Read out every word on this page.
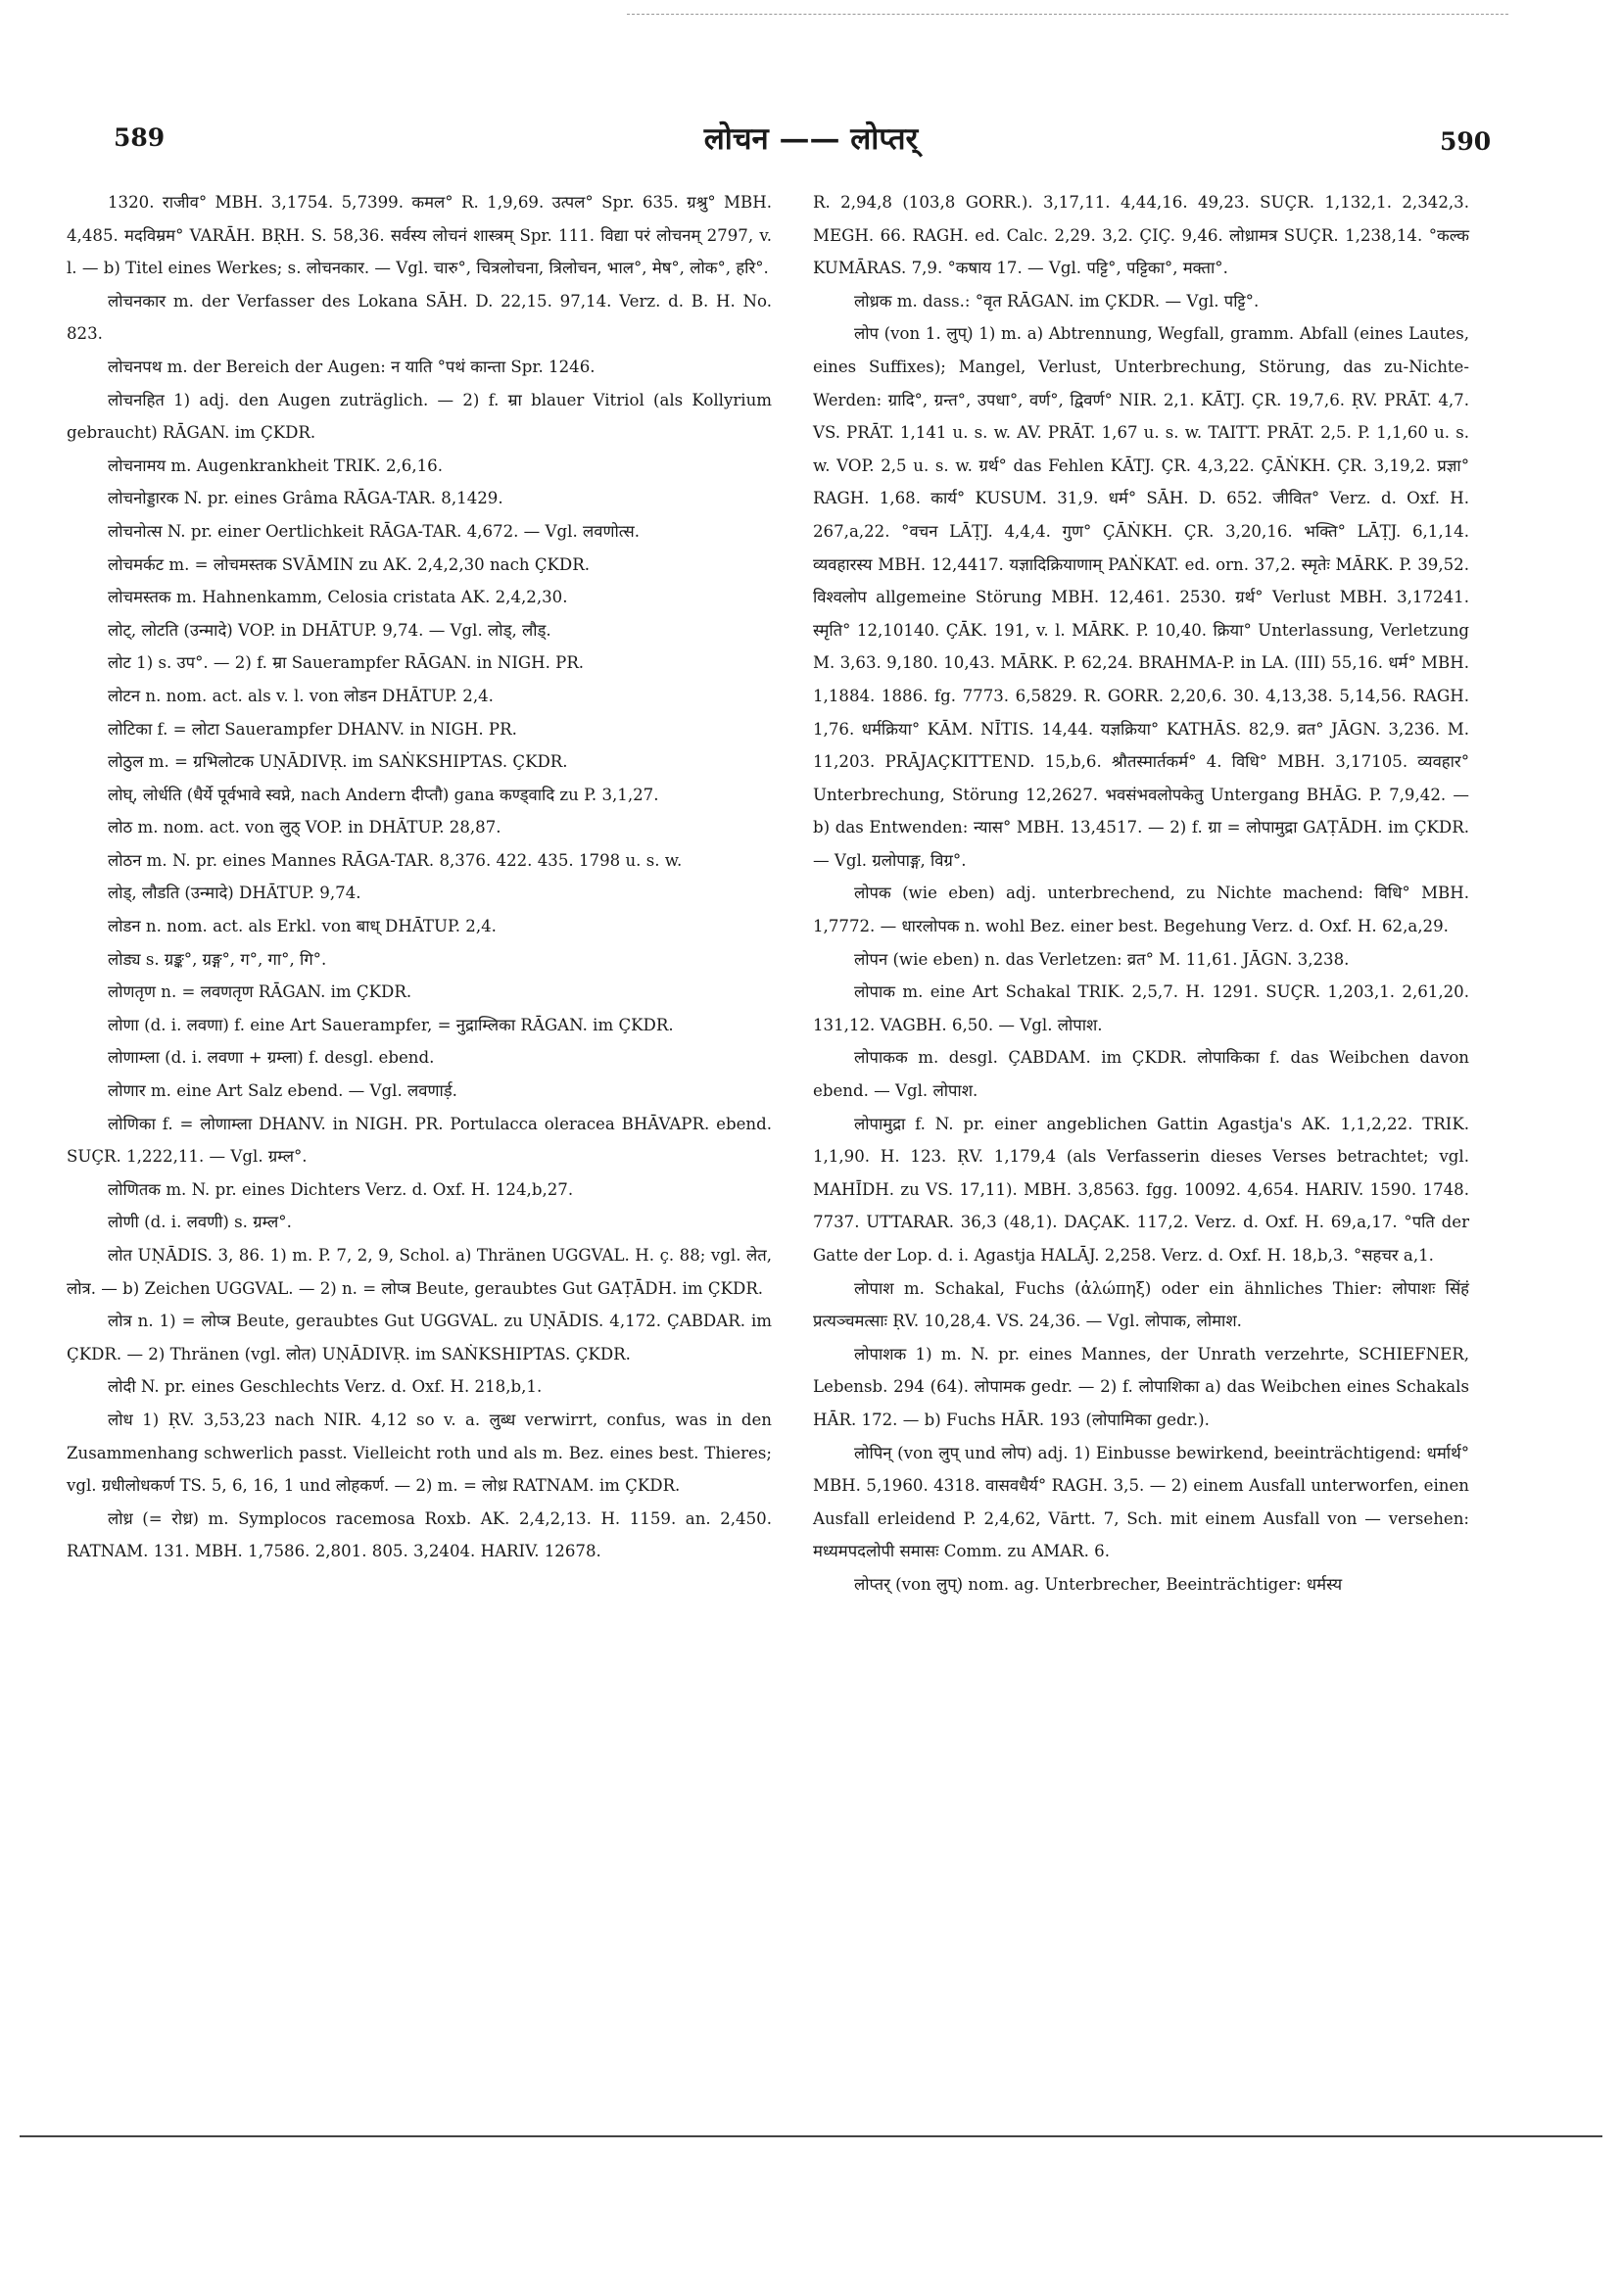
589	लोचन —— लोप्तर्	590

1320. राजीव° MBH. 3,1754. 5,7399. कमल° R. 1,9,69. उत्पल° Spr. 635. ग्रश्रु° MBH. 4,485. मदविम्रम° VARĀH. BṚH. S. 58,36. सर्वस्य लोचनं शास्त्रम् Spr. 111. विद्या परं लोचनम् 2797, v. l. — b) Titel eines Werkes; s. लोचनकार. — Vgl. चारु°, चित्रलोचना, त्रिलोचन, भाल°, मेष°, लोक°, हरि°.

लोचनकार m. der Verfasser des Lokana SĀH. D. 22,15. 97,14. Verz. d. B. H. No. 823.

लोचनपथ m. der Bereich der Augen: न याति °पथं कान्ता Spr. 1246.

लोचनहित 1) adj. den Augen zuträglich. — 2) f. म्रा blauer Vitriol (als Kollyrium gebraucht) RĀGAN. im ÇKDR.

लोचनामय m. Augenkrankheit TRIK. 2,6,16.

लोचनोड्डारक N. pr. eines Grâma RĀGA-TAR. 8,1429.

लोचनोत्स N. pr. einer Oertlichkeit RĀGA-TAR. 4,672. — Vgl. लवणोत्स.

लोचमर्कट m. = लोचमस्तक SVĀMIN zu AK. 2,4,2,30 nach ÇKDR.

लोचमस्तक m. Hahnenkamm, Celosia cristata AK. 2,4,2,30.

लोट्, लोटति (उन्मादे) VOP. in DHĀTUP. 9,74. — Vgl. लोड्, लौड्.

लोट 1) s. उप°. — 2) f. म्रा Sauerampfer RĀGAN. in NIGH. PR.

लोटन n. nom. act. als v. l. von लोडन DHĀTUP. 2,4.

लोटिका f. = लोटा Sauerampfer DHANV. in NIGH. PR.

लोठुल m. = ग्रभिलोटक UṆĀDIVṚ. im SAṄKSHIPTAS. ÇKDR.

लोघ्, लोर्धति (धैर्ये पूर्वभावे स्वप्ने, nach Andern दीप्तौ) gana कण्ड्वादि zu P. 3,1,27.

लोठ m. nom. act. von लुठ् VOP. in DHĀTUP. 28,87.

लोठन m. N. pr. eines Mannes RĀGA-TAR. 8,376. 422. 435. 1798 u. s. w.

लोड्, लौडति (उन्मादे) DHĀTUP. 9,74.

लोडन n. nom. act. als Erkl. von बाध् DHĀTUP. 2,4.

लोड्य s. ग्रङ्क°, ग्रङ्ग°, ग°, गा°, गि°.

लोणतृण n. = लवणतृण RĀGAN. im ÇKDR.

लोणा (d. i. लवणा) f. eine Art Sauerampfer, = नुद्राम्लिका RĀGAN. im ÇKDR.

लोणाम्ला (d. i. लवणा + ग्रम्ला) f. desgl. ebend.

लोणार m. eine Art Salz ebend. — Vgl. लवणार्ड़.

लोणिका f. = लोणाम्ला DHANV. in NIGH. PR. Portulacca oleracea BHĀVAPR. ebend. SUÇR. 1,222,11. — Vgl. ग्रम्ल°.

लोणितक m. N. pr. eines Dichters Verz. d. Oxf. H. 124,b,27.

लोणी (d. i. लवणी) s. ग्रम्ल°.

लोत UṆĀDIS. 3, 86. 1) m. P. 7, 2, 9, Schol. a) Thränen UGGVAL. H. ç. 88; vgl. लेत, लोत्र. — b) Zeichen UGGVAL. — 2) n. = लोप्त्र Beute, geraubtes Gut GAṬĀDH. im ÇKDR.

लोत्र n. 1) = लोप्त्र Beute, geraubtes Gut UGGVAL. zu UṆĀDIS. 4,172. ÇABDAR. im ÇKDR. — 2) Thränen (vgl. लोत) UṆĀDIVṚ. im SAṄKSHIPTAS. ÇKDR.

लोदी N. pr. eines Geschlechts Verz. d. Oxf. H. 218,b,1.

लोध 1) ṚV. 3,53,23 nach NIR. 4,12 so v. a. लुब्ध verwirrt, confus, was in den Zusammenhang schwerlich passt. Vielleicht roth und als m. Bez. eines best. Thieres; vgl. ग्रधीलोधकर्ण TS. 5, 6, 16, 1 und लोहकर्ण. — 2) m. = लोध्र RATNAM. im ÇKDR.

लोध्र (= रोध्र) m. Symplocos racemosa Roxb. AK. 2,4,2,13. H. 1159. an. 2,450. RATNAM. 131. MBH. 1,7586. 2,801. 805. 3,2404. HARIV. 12678.

R. 2,94,8 (103,8 GORR.). 3,17,11. 4,44,16. 49,23. SUÇR. 1,132,1. 2,342,3. MEGH. 66. RAGH. ed. Calc. 2,29. 3,2. ÇIÇ. 9,46. लोध्रामत्र SUÇR. 1,238,14. °कल्क KUMĀRAS. 7,9. °कषाय 17. — Vgl. पट्टि°, पट्टिका°, मक्ता°.

लोध्रक m. dass.: °वृत RĀGAN. im ÇKDR. — Vgl. पट्टि°.

लोप (von 1. लुप्) 1) m. a) Abtrennung, Wegfall, gramm. Abfall (eines Lautes, eines Suffixes); Mangel, Verlust, Unterbrechung, Störung, das zu-Nichte-Werden: ग्रादि°, ग्रन्त°, उपधा°, वर्ण°, द्विवर्ण° NIR. 2,1. KĀTJ. ÇR. 19,7,6. ṚV. PRĀT. 4,7. VS. PRĀT. 1,141 u. s. w. AV. PRĀT. 1,67 u. s. w. TAITT. PRĀT. 2,5. P. 1,1,60 u. s. w. VOP. 2,5 u. s. w. ग्रर्थ° das Fehlen KĀTJ. ÇR. 4,3,22. ÇĀṄKH. ÇR. 3,19,2. प्रज्ञा° RAGH. 1,68. कार्य° KUSUM. 31,9. धर्म° SĀH. D. 652. जीवित° Verz. d. Oxf. H. 267,a,22. °वचन LĀṬJ. 4,4,4. गुण° ÇĀṄKH. ÇR. 3,20,16. भक्ति° LĀṬJ. 6,1,14. व्यवहारस्य MBH. 12,4417. यज्ञादिक्रियाणाम् PAṄKAT. ed. orn. 37,2. स्मृतेः MĀRK. P. 39,52. विश्वलोप allgemeine Störung MBH. 12,461. 2530. ग्रर्थ° Verlust MBH. 3,17241. स्मृति° 12,10140. ÇĀK. 191, v. l. MĀRK. P. 10,40. क्रिया° Unterlassung, Verletzung M. 3,63. 9,180. 10,43. MĀRK. P. 62,24. BRAHMA-P. in LA. (III) 55,16. धर्म° MBH. 1,1884. 1886. fg. 7773. 6,5829. R. GORR. 2,20,6. 30. 4,13,38. 5,14,56. RAGH. 1,76. धर्मक्रिया° KĀM. NĪTIS. 14,44. यज्ञक्रिया° KATHĀS. 82,9. व्रत° JĀGN. 3,236. M. 11,203. PRĀJAÇKITTEND. 15,b,6. श्रौतस्मार्तकर्म° 4. विधि° MBH. 3,17105. व्यवहार° Unterbrechung, Störung 12,2627. भवसंभवलोपकेतु Untergang BHĀG. P. 7,9,42. — b) das Entwenden: न्यास° MBH. 13,4517. — 2) f. ग्रा = लोपामुद्रा GAṬĀDH. im ÇKDR. — Vgl. ग्रलोपाङ्ग, विग्र°.

लोपक (wie eben) adj. unterbrechend, zu Nichte machend: विधि° MBH. 1,7772. — धारलोपक n. wohl Bez. einer best. Begehung Verz. d. Oxf. H. 62,a,29.

लोपन (wie eben) n. das Verletzen: व्रत° M. 11,61. JĀGN. 3,238.

लोपाक m. eine Art Schakal TRIK. 2,5,7. H. 1291. SUÇR. 1,203,1. 2,61,20. 131,12. VAGBH. 6,50. — Vgl. लोपाश.

लोपाकक m. desgl. ÇABDAM. im ÇKDR. लोपाकिका f. das Weibchen davon ebend. — Vgl. लोपाश.

लोपामुद्रा f. N. pr. einer angeblichen Gattin Agastja's AK. 1,1,2,22. TRIK. 1,1,90. H. 123. ṚV. 1,179,4 (als Verfasserin dieses Verses betrachtet; vgl. MAHĪDH. zu VS. 17,11). MBH. 3,8563. fgg. 10092. 4,654. HARIV. 1590. 1748. 7737. UTTARAR. 36,3 (48,1). DAÇAK. 117,2. Verz. d. Oxf. H. 69,a,17. °पति der Gatte der Lop. d. i. Agastja HALĀJ. 2,258. Verz. d. Oxf. H. 18,b,3. °सहचर a,1.

लोपाश m. Schakal, Fuchs (ἀλώπηξ) oder ein ähnliches Thier: लोपाशः सिंहं प्रत्यञ्चमत्साः ṚV. 10,28,4. VS. 24,36. — Vgl. लोपाक, लोमाश.

लोपाशक 1) m. N. pr. eines Mannes, der Unrath verzehrte, SCHIEFNER, Lebensb. 294 (64). लोपामक gedr. — 2) f. लोपाशिका a) das Weibchen eines Schakals HĀR. 172. — b) Fuchs HĀR. 193 (लोपामिका gedr.).

लोपिन् (von लुप् und लोप) adj. 1) Einbusse bewirkend, beeinträchtigend: धर्मार्थ° MBH. 5,1960. 4318. वासवधैर्य° RAGH. 3,5. — 2) einem Ausfall unterworfen, einen Ausfall erleidend P. 2,4,62, Vārtt. 7, Sch. mit einem Ausfall von — versehen: मध्यमपदलोपी समासः Comm. zu AMAR. 6.

लोप्तर् (von लुप्) nom. ag. Unterbrecher, Beeinträchtiger: धर्मस्य
